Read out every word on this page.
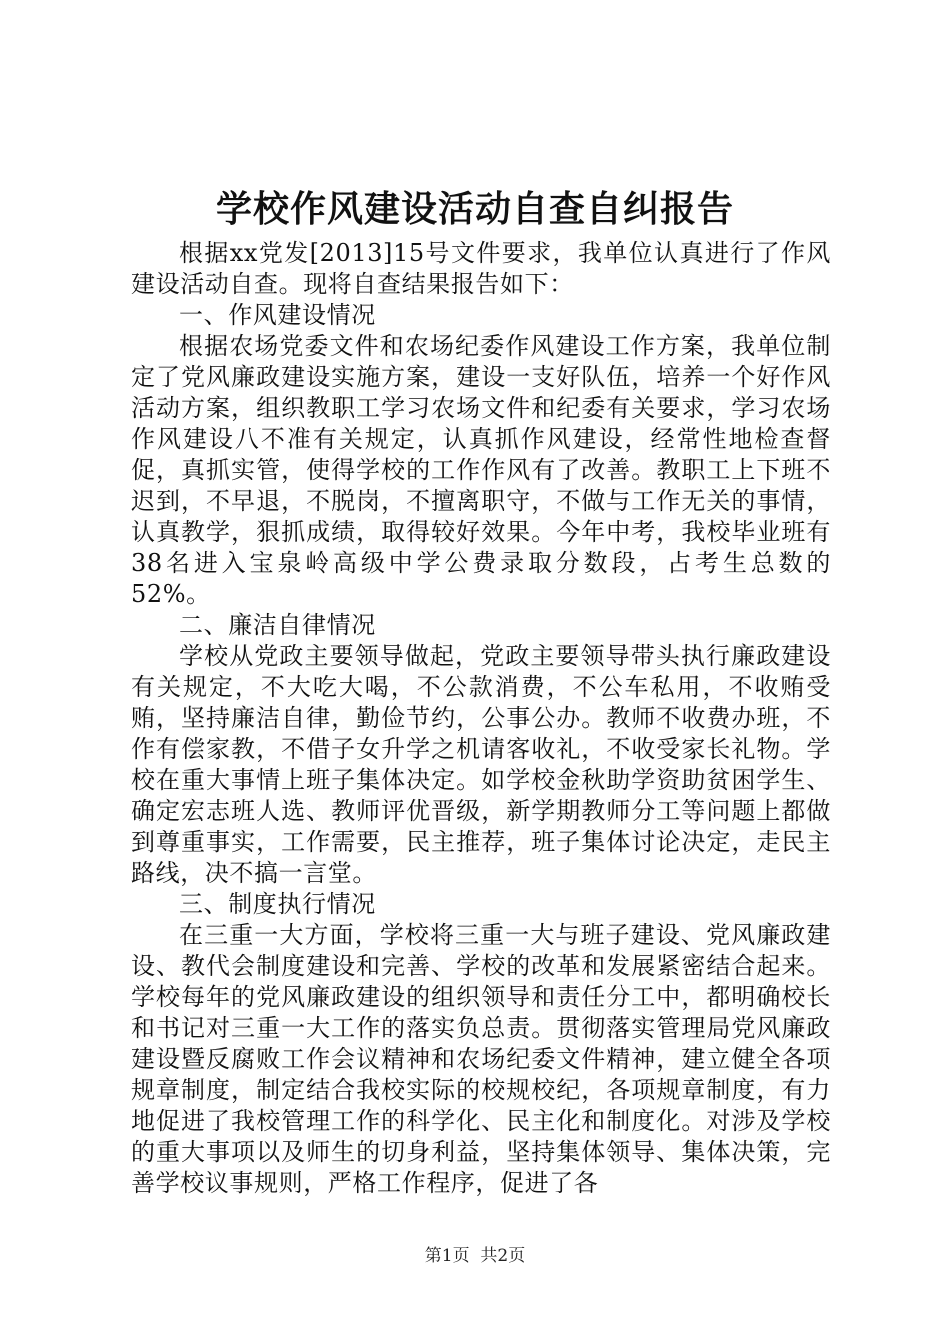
学校作风建设活动自查自纠报告

根据xx党发[2013]15号文件要求，我单位认真进行了作风建设活动自查。现将自查结果报告如下：

一、作风建设情况

根据农场党委文件和农场纪委作风建设工作方案，我单位制定了党风廉政建设实施方案，建设一支好队伍，培养一个好作风活动方案，组织教职工学习农场文件和纪委有关要求，学习农场作风建设八不准有关规定，认真抓作风建设，经常性地检查督促，真抓实管，使得学校的工作作风有了改善。教职工上下班不迟到，不早退，不脱岗，不擅离职守，不做与工作无关的事情，认真教学，狠抓成绩，取得较好效果。今年中考，我校毕业班有38名进入宝泉岭高级中学公费录取分数段，占考生总数的52%。

二、廉洁自律情况

学校从党政主要领导做起，党政主要领导带头执行廉政建设有关规定，不大吃大喝，不公款消费，不公车私用，不收贿受贿，坚持廉洁自律，勤俭节约，公事公办。教师不收费办班，不作有偿家教，不借子女升学之机请客收礼，不收受家长礼物。学校在重大事情上班子集体决定。如学校金秋助学资助贫困学生、确定宏志班人选、教师评优晋级，新学期教师分工等问题上都做到尊重事实，工作需要，民主推荐，班子集体讨论决定，走民主路线，决不搞一言堂。

三、制度执行情况

在三重一大方面，学校将三重一大与班子建设、党风廉政建设、教代会制度建设和完善、学校的改革和发展紧密结合起来。学校每年的党风廉政建设的组织领导和责任分工中，都明确校长和书记对三重一大工作的落实负总责。贯彻落实管理局党风廉政建设暨反腐败工作会议精神和农场纪委文件精神，建立健全各项规章制度，制定结合我校实际的校规校纪，各项规章制度，有力地促进了我校管理工作的科学化、民主化和制度化。对涉及学校的重大事项以及师生的切身利益，坚持集体领导、集体决策，完善学校议事规则，严格工作程序，促进了各

第1页  共2页
